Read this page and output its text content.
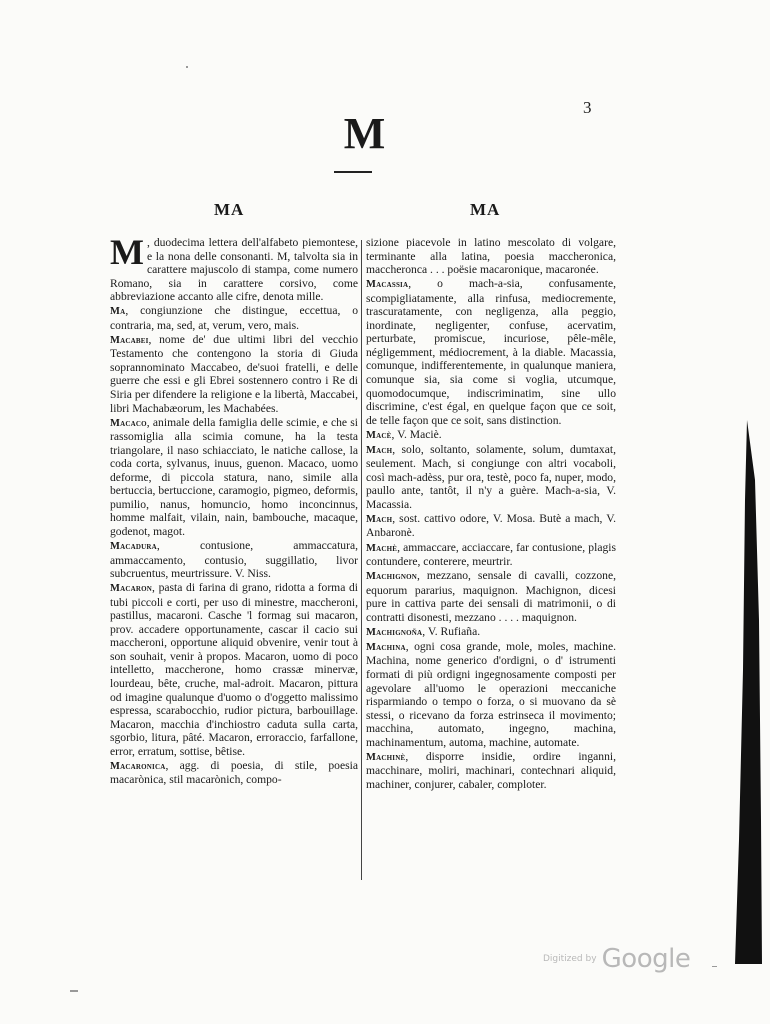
3
M
MA	MA

M , duodecima lettera dell'alfabeto piemontese, e la nona delle consonanti. M, talvolta sia in carattere majuscolo di stampa, come numero Romano, sia in carattere corsivo, come abbreviazione accanto alle cifre, denota mille.

Ma, congiunzione che distingue, eccettua, o contraria, ma, sed, at, verum, vero, mais.

Macabei, nome de' due ultimi libri del vecchio Testamento che contengono la storia di Giuda soprannominato Maccabeo, de'suoi fratelli, e delle guerre che essi e gli Ebrei sostennero contro i Re di Siria per difendere la religione e la libertà, Maccabei, libri Machabæorum, les Machabées.

Macaco, animale della famiglia delle scimie, e che si rassomiglia alla scimia comune, ha la testa triangolare, il naso schiacciato, le natiche callose, la coda corta, sylvanus, inuus, guenon. Macaco, uomo deforme, di piccola statura, nano, simile alla bertuccia, bertuccione, caramogio, pigmeo, deformis, pumilio, nanus, homuncio, homo inconcinnus, homme malfait, vilain, nain, bambouche, macaque, godenot, magot.

Macadura, contusione, ammaccatura, ammaccamento, contusio, suggillatio, livor subcruentus, meurtrissure. V. Niss.

Macaron, pasta di farina di grano, ridotta a forma di tubi piccoli e corti, per uso di minestre, maccheroni, pastillus, macaroni. Casche 'l formag sui macaron, prov. accadere opportunamente, cascar il cacio sui maccheroni, opportune aliquid obvenire, venir tout à son souhait, venir à propos. Macaron, uomo di poco intelletto, maccherone, homo crassæ minervæ, lourdeau, bête, cruche, mal-adroit. Macaron, pittura od imagine qualunque d'uomo o d'oggetto malissimo espressa, scarabocchio, rudior pictura, barbouillage. Macaron, macchia d'inchiostro caduta sulla carta, sgorbio, litura, pâté. Macaron, erroraccio, farfallone, error, erratum, sottise, bêtise.

Macaronica, agg. di poesia, di stile, poesia macarònica, stil macarònich, compo-

sizione piacevole in latino mescolato di volgare, terminante alla latina, poesia maccheronica, maccheronca . . . poësie macaronique, macaronée.

Macassia, o mach-a-sia, confusamente, scompigliatamente, alla rinfusa, mediocremente, trascuratamente, con negligenza, alla peggio, inordinate, negligenter, confuse, acervatim, perturbate, promiscue, incuriose, pêle-mêle, négligemment, médiocrement, à la diable. Macassia, comunque, indifferentemente, in qualunque maniera, comunque sia, sia come si voglia, utcumque, quomodocumque, indiscriminatim, sine ullo discrimine, c'est égal, en quelque façon que ce soit, de telle façon que ce soit, sans distinction.

Macè, V. Maciè.

Mach, solo, soltanto, solamente, solum, dumtaxat, seulement. Mach, si congiunge con altri vocaboli, così mach-adèss, pur ora, testè, poco fa, nuper, modo, paullo ante, tantôt, il n'y a guère. Mach-a-sia, V. Macassia.

Mach, sost. cattivo odore, V. Mosa. Butè a mach, V. Anbaronè.

Machè, ammaccare, acciaccare, far contusione, plagis contundere, conterere, meurtrir.

Machignon, mezzano, sensale di cavalli, cozzone, equorum pararius, maquignon. Machignon, dicesi pure in cattiva parte dei sensali di matrimonii, o di contratti disonesti, mezzano . . . . maquignon.

Machignoña, V. Rufiaña.

Machina, ogni cosa grande, mole, moles, machine. Machina, nome generico d'ordigni, o d' istrumenti formati di più ordigni ingegnosamente composti per agevolare all'uomo le operazioni meccaniche risparmiando o tempo o forza, o si muovano da sè stessi, o ricevano da forza estrinseca il movimento; macchina, automato, ingegno, machina, machinamentum, automa, machine, automate.

Machinè, disporre insidie, ordire inganni, macchinare, moliri, machinari, contechnari aliquid, machiner, conjurer, cabaler, comploter.

Digitized by Google
